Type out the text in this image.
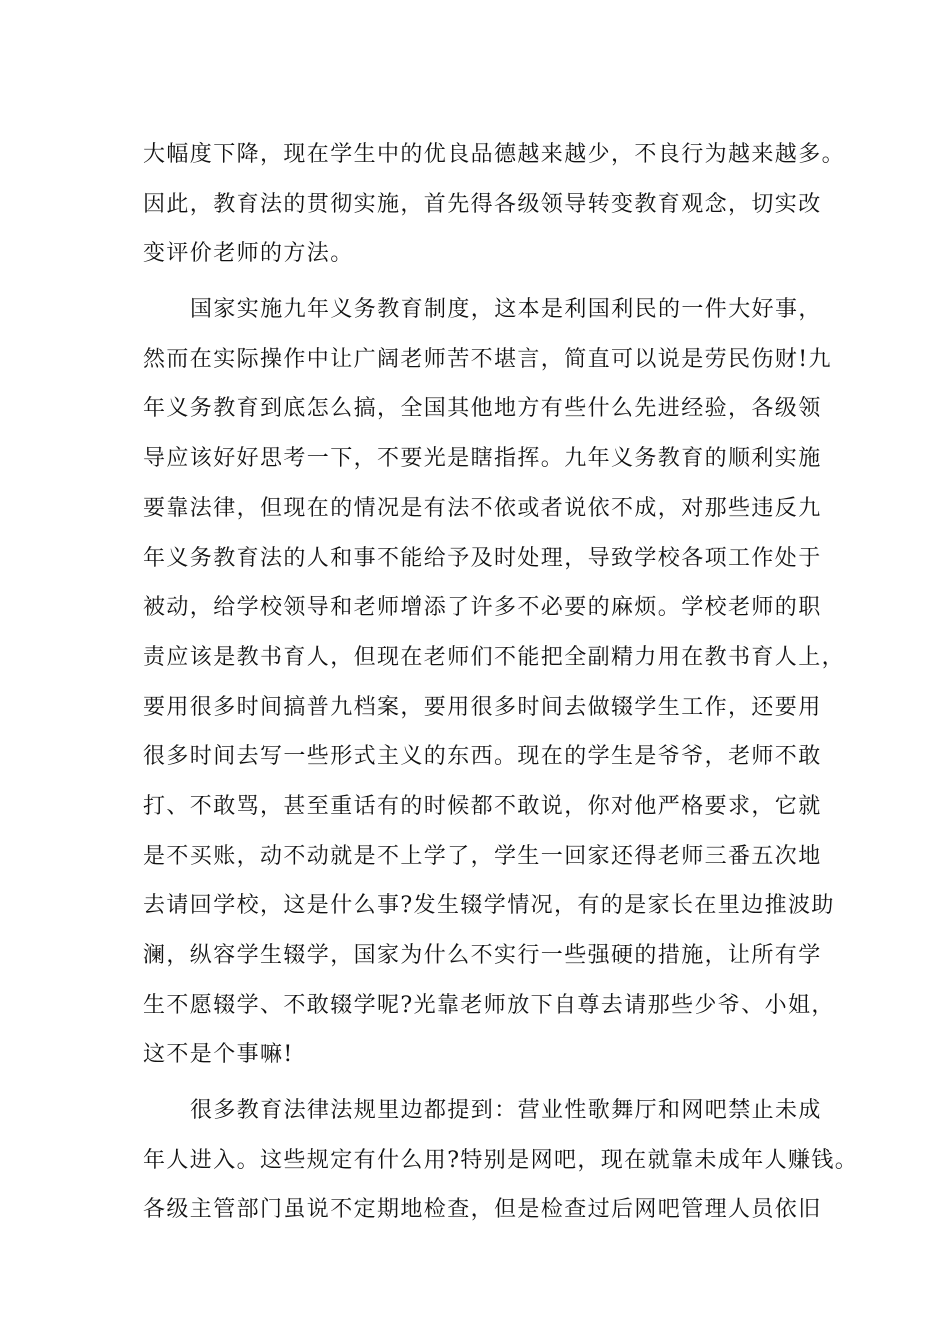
大幅度下降，现在学生中的优良品德越来越少，不良行为越来越多。
因此，教育法的贯彻实施，首先得各级领导转变教育观念，切实改
变评价老师的方法。
国家实施九年义务教育制度，这本是利国利民的一件大好事，
然而在实际操作中让广阔老师苦不堪言，简直可以说是劳民伤财!九
年义务教育到底怎么搞，全国其他地方有些什么先进经验，各级领
导应该好好思考一下，不要光是瞎指挥。九年义务教育的顺利实施
要靠法律，但现在的情况是有法不依或者说依不成，对那些违反九
年义务教育法的人和事不能给予及时处理，导致学校各项工作处于
被动，给学校领导和老师增添了许多不必要的麻烦。学校老师的职
责应该是教书育人，但现在老师们不能把全副精力用在教书育人上，
要用很多时间搞普九档案，要用很多时间去做辍学生工作，还要用
很多时间去写一些形式主义的东西。现在的学生是爷爷，老师不敢
打、不敢骂，甚至重话有的时候都不敢说，你对他严格要求，它就
是不买账，动不动就是不上学了，学生一回家还得老师三番五次地
去请回学校，这是什么事?发生辍学情况，有的是家长在里边推波助
澜，纵容学生辍学，国家为什么不实行一些强硬的措施，让所有学
生不愿辍学、不敢辍学呢?光靠老师放下自尊去请那些少爷、小姐，
这不是个事嘛!
很多教育法律法规里边都提到：营业性歌舞厅和网吧禁止未成
年人进入。这些规定有什么用?特别是网吧，现在就靠未成年人赚钱。
各级主管部门虽说不定期地检查，但是检查过后网吧管理人员依旧
